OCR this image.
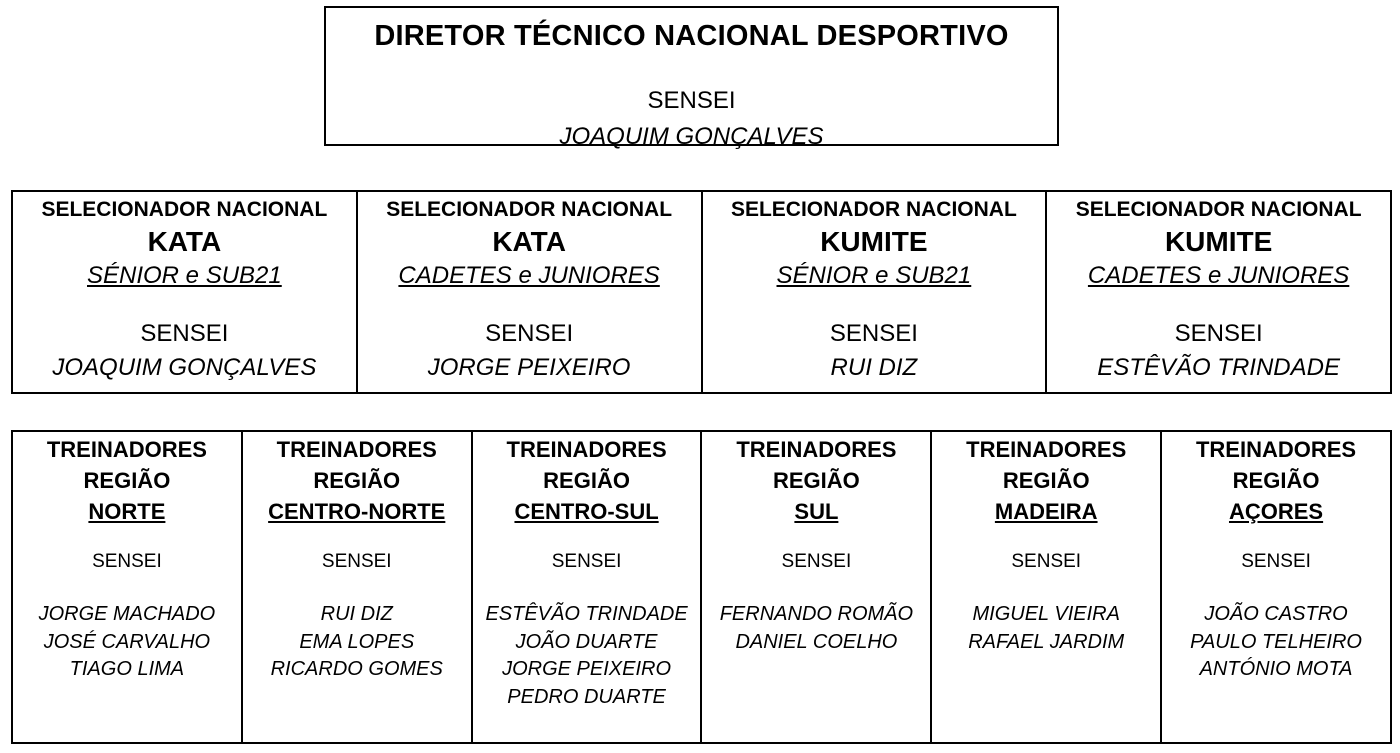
DIRETOR TÉCNICO NACIONAL DESPORTIVO
SENSEI
JOAQUIM GONÇALVES
SELECIONADOR NACIONAL
KATA
SÉNIOR e SUB21
SENSEI
JOAQUIM GONÇALVES
SELECIONADOR NACIONAL
KATA
CADETES e JUNIORES
SENSEI
JORGE PEIXEIRO
SELECIONADOR NACIONAL
KUMITE
SÉNIOR e SUB21
SENSEI
RUI DIZ
SELECIONADOR NACIONAL
KUMITE
CADETES e JUNIORES
SENSEI
ESTÊVÃO TRINDADE
TREINADORES
REGIÃO
NORTE
SENSEI
JORGE MACHADO
JOSÉ CARVALHO
TIAGO LIMA
TREINADORES
REGIÃO
CENTRO-NORTE
SENSEI
RUI DIZ
EMA LOPES
RICARDO GOMES
TREINADORES
REGIÃO
CENTRO-SUL
SENSEI
ESTÊVÃO TRINDADE
JOÃO DUARTE
JORGE PEIXEIRO
PEDRO DUARTE
TREINADORES
REGIÃO
SUL
SENSEI
FERNANDO ROMÃO
DANIEL COELHO
TREINADORES
REGIÃO
MADEIRA
SENSEI
MIGUEL VIEIRA
RAFAEL JARDIM
TREINADORES
REGIÃO
AÇORES
SENSEI
JOÃO CASTRO
PAULO TELHEIRO
ANTÓNIO MOTA
